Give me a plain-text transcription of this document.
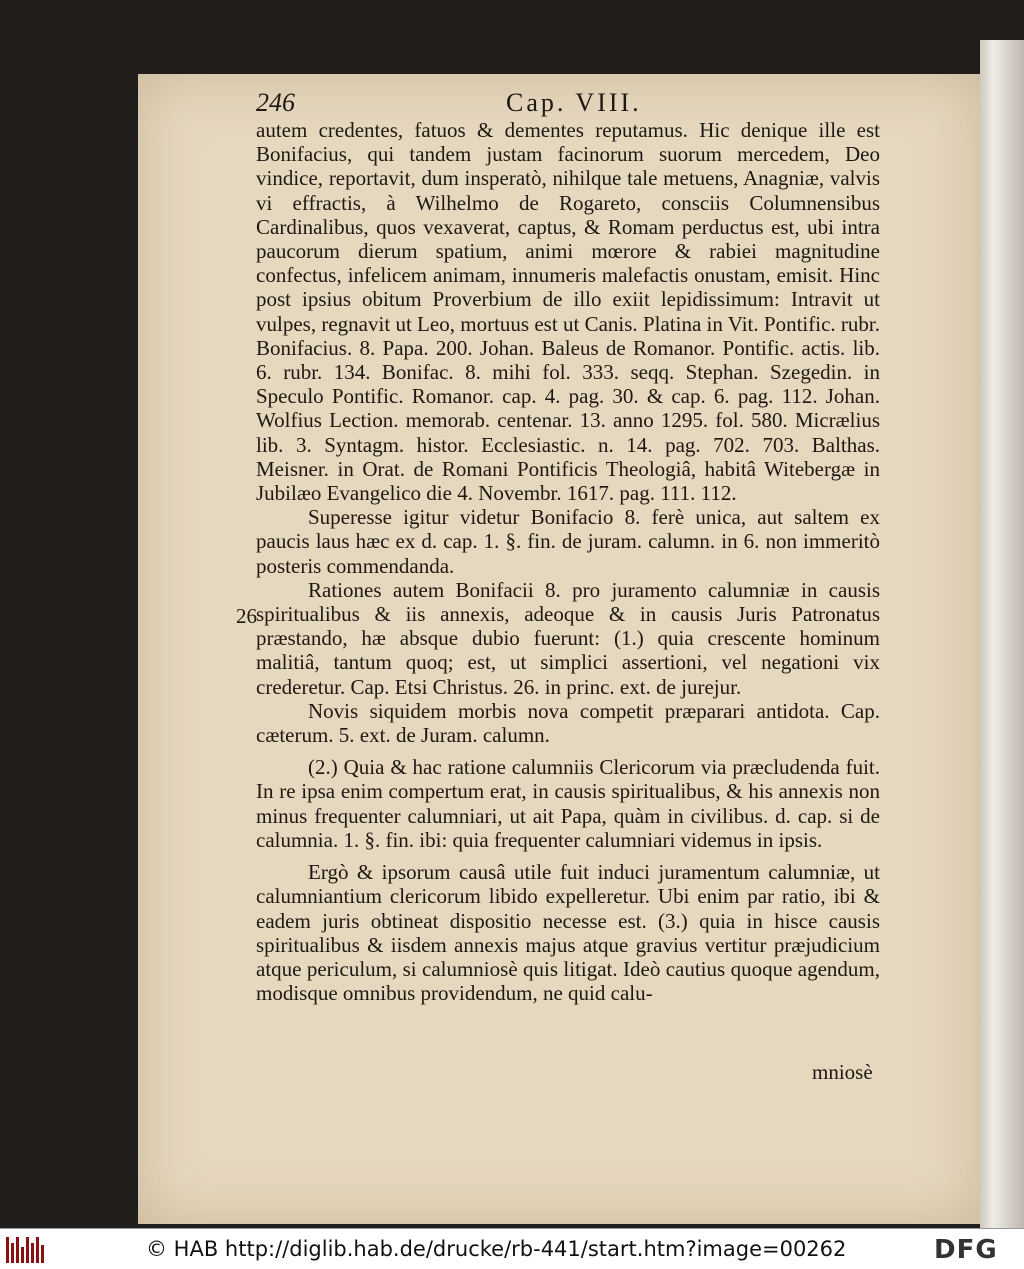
246	Cap. VIII.

autem credentes, fatuos & dementes reputamus. Hic denique ille est Bonifacius, qui tandem justam facinorum suorum mercedem, Deo vindice, reportavit, dum insperatò, nihilque tale metuens, Anagniæ, valvis vi effractis, à Wilhelmo de Rogareto, consciis Columnensibus Cardinalibus, quos vexaverat, captus, & Romam perductus est, ubi intra paucorum dierum spatium, animi mœrore & rabiei magnitudine confectus, infelicem animam, innumeris malefactis onustam, emisit. Hinc post ipsius obitum Proverbium de illo exiit lepidissimum: Intravit ut vulpes, regnavit ut Leo, mortuus est ut Canis. Platina in Vit. Pontific. rubr. Bonifacius. 8. Papa. 200. Johan. Baleus de Romanor. Pontific. actis. lib. 6. rubr. 134. Bonifac. 8. mihi fol. 333. seqq. Stephan. Szegedin. in Speculo Pontific. Romanor. cap. 4. pag. 30. & cap. 6. pag. 112. Johan. Wolfius Lection. memorab. centenar. 13. anno 1295. fol. 580. Micrælius lib. 3. Syntagm. histor. Ecclesiastic. n. 14. pag. 702. 703. Balthas. Meisner. in Orat. de Romani Pontificis Theologiâ, habitâ Witebergæ in Jubilæo Evangelico die 4. Novembr. 1617. pag. 111. 112.

Superesse igitur videtur Bonifacio 8. ferè unica, aut saltem ex paucis laus hæc ex d. cap. 1. §. fin. de juram. calumn. in 6. non immeritò posteris commendanda.

Rationes autem Bonifacii 8. pro juramento calumniæ in causis spiritualibus & iis annexis, adeoque & in causis Juris Patronatus præstando, hæ absque dubio fuerunt: (1.) quia crescente hominum malitiâ, tantum quoq; est, ut simplici assertioni, vel negationi vix crederetur. Cap. Etsi Christus. 26. in princ. ext. de jurejur.

Novis siquidem morbis nova competit præparari antidota. Cap. cæterum. 5. ext. de Juram. calumn.

(2.) Quia & hac ratione calumniis Clericorum via præcludenda fuit. In re ipsa enim compertum erat, in causis spiritualibus, & his annexis non minus frequenter calumniari, ut ait Papa, quàm in civilibus. d. cap. si de calumnia. 1. §. fin. ibi: quia frequenter calumniari videmus in ipsis.

Ergò & ipsorum causâ utile fuit induci juramentum calumniæ, ut calumniantium clericorum libido expelleretur. Ubi enim par ratio, ibi & eadem juris obtineat dispositio necesse est. (3.) quia in hisce causis spiritualibus & iisdem annexis majus atque gravius vertitur præjudicium atque periculum, si calumniosè quis litigat. Ideò cautius quoque agendum, modisque omnibus providendum, ne quid calu-

26
mniosè
© HAB http://diglib.hab.de/drucke/rb-441/start.htm?image=00262	DFG
